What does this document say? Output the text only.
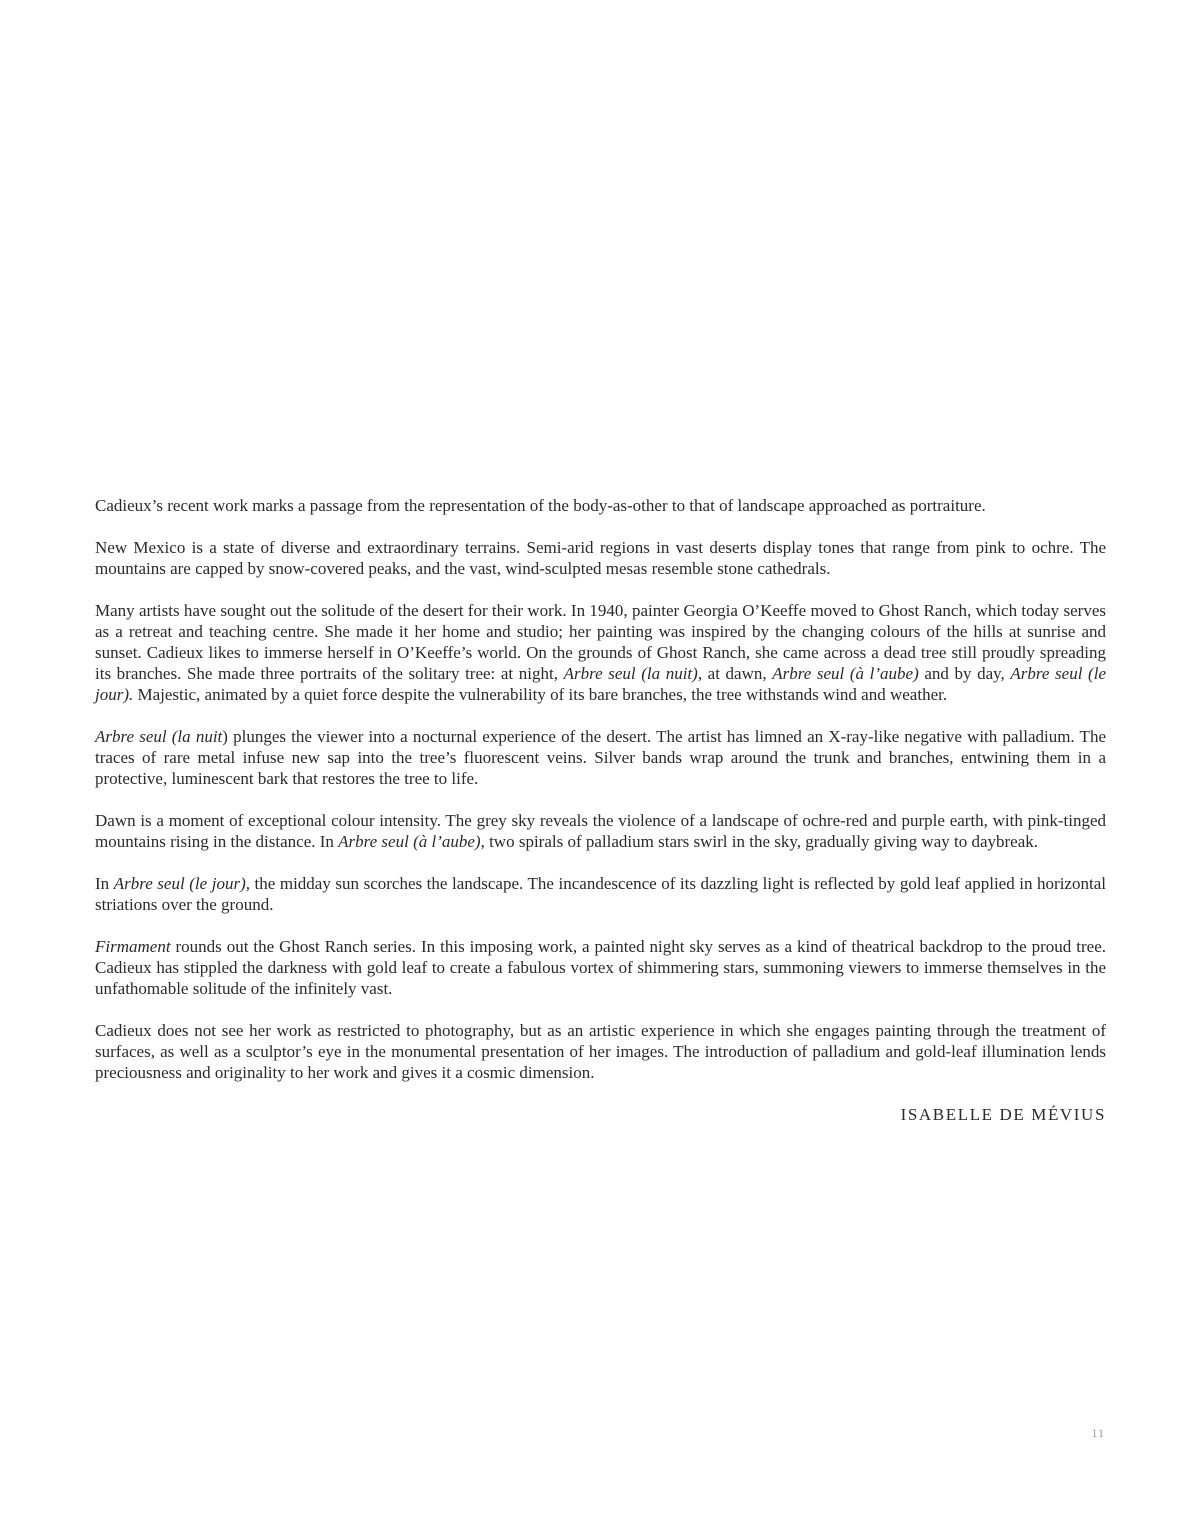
Cadieux’s recent work marks a passage from the representation of the body-as-other to that of landscape approached as portraiture.

New Mexico is a state of diverse and extraordinary terrains. Semi-arid regions in vast deserts display tones that range from pink to ochre. The mountains are capped by snow-covered peaks, and the vast, wind-sculpted mesas resemble stone cathedrals.

Many artists have sought out the solitude of the desert for their work. In 1940, painter Georgia O’Keeffe moved to Ghost Ranch, which today serves as a retreat and teaching centre. She made it her home and studio; her painting was inspired by the changing colours of the hills at sunrise and sunset. Cadieux likes to immerse herself in O’Keeffe’s world. On the grounds of Ghost Ranch, she came across a dead tree still proudly spreading its branches. She made three portraits of the solitary tree: at night, Arbre seul (la nuit), at dawn, Arbre seul (à l’aube) and by day, Arbre seul (le jour). Majestic, animated by a quiet force despite the vulnerability of its bare branches, the tree withstands wind and weather.

Arbre seul (la nuit) plunges the viewer into a nocturnal experience of the desert. The artist has limned an X-ray-like negative with palladium. The traces of rare metal infuse new sap into the tree’s fluorescent veins. Silver bands wrap around the trunk and branches, entwining them in a protective, luminescent bark that restores the tree to life.

Dawn is a moment of exceptional colour intensity. The grey sky reveals the violence of a landscape of ochre-red and purple earth, with pink-tinged mountains rising in the distance. In Arbre seul (à l’aube), two spirals of palladium stars swirl in the sky, gradually giving way to daybreak.

In Arbre seul (le jour), the midday sun scorches the landscape. The incandescence of its dazzling light is reflected by gold leaf applied in horizontal striations over the ground.

Firmament rounds out the Ghost Ranch series. In this imposing work, a painted night sky serves as a kind of theatrical backdrop to the proud tree. Cadieux has stippled the darkness with gold leaf to create a fabulous vortex of shimmering stars, summoning viewers to immerse themselves in the unfathomable solitude of the infinitely vast.

Cadieux does not see her work as restricted to photography, but as an artistic experience in which she engages painting through the treatment of surfaces, as well as a sculptor’s eye in the monumental presentation of her images. The introduction of palladium and gold-leaf illumination lends preciousness and originality to her work and gives it a cosmic dimension.

ISABELLE DE MÉVIUS
11
